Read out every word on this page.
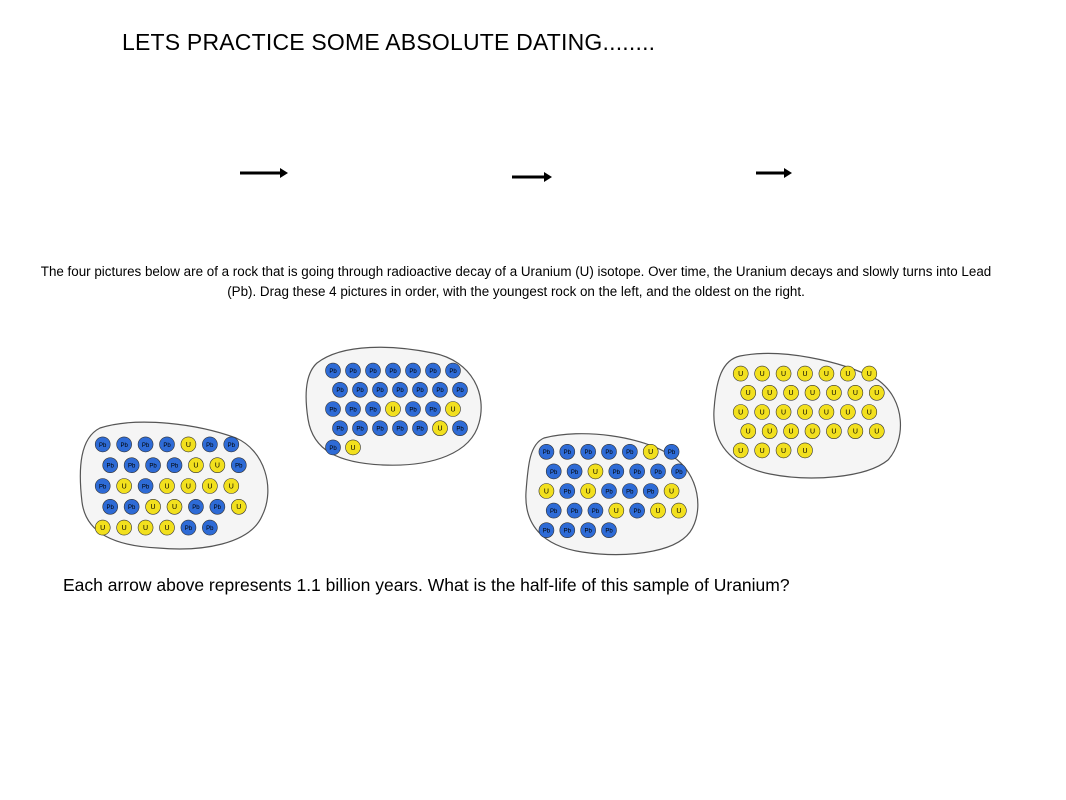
LETS PRACTICE SOME ABSOLUTE DATING........
The four pictures below are of a rock that is going through radioactive decay of a Uranium (U) isotope. Over time, the Uranium decays and slowly turns into Lead (Pb). Drag these 4 pictures in order, with the youngest rock on the left, and the oldest on the right.
Pb Pb Pb Pb U	Pb Pb
Pb Pb Pb Pb U U	Pb
Pb U	Pb U U U U
Pb Pb U U	Pb Pb U
U U U U	Pb Pb
Pb Pb Pb Pb Pb Pb Pb
Pb Pb Pb Pb Pb Pb Pb
Pb Pb Pb U Pb Pb U
Pb Pb Pb Pb Pb U Pb
Pb U
Pb Pb Pb Pb Pb U Pb
Pb Pb U Pb Pb Pb Pb
U Pb U Pb Pb Pb U
Pb Pb Pb U Pb U U
Pb Pb Pb Pb
U U U U U U U
U U U U U U U
U U U U U U U
U U U U U U U
U U U U
Each arrow above represents 1.1 billion years. What is the half-life of this sample of Uranium?
